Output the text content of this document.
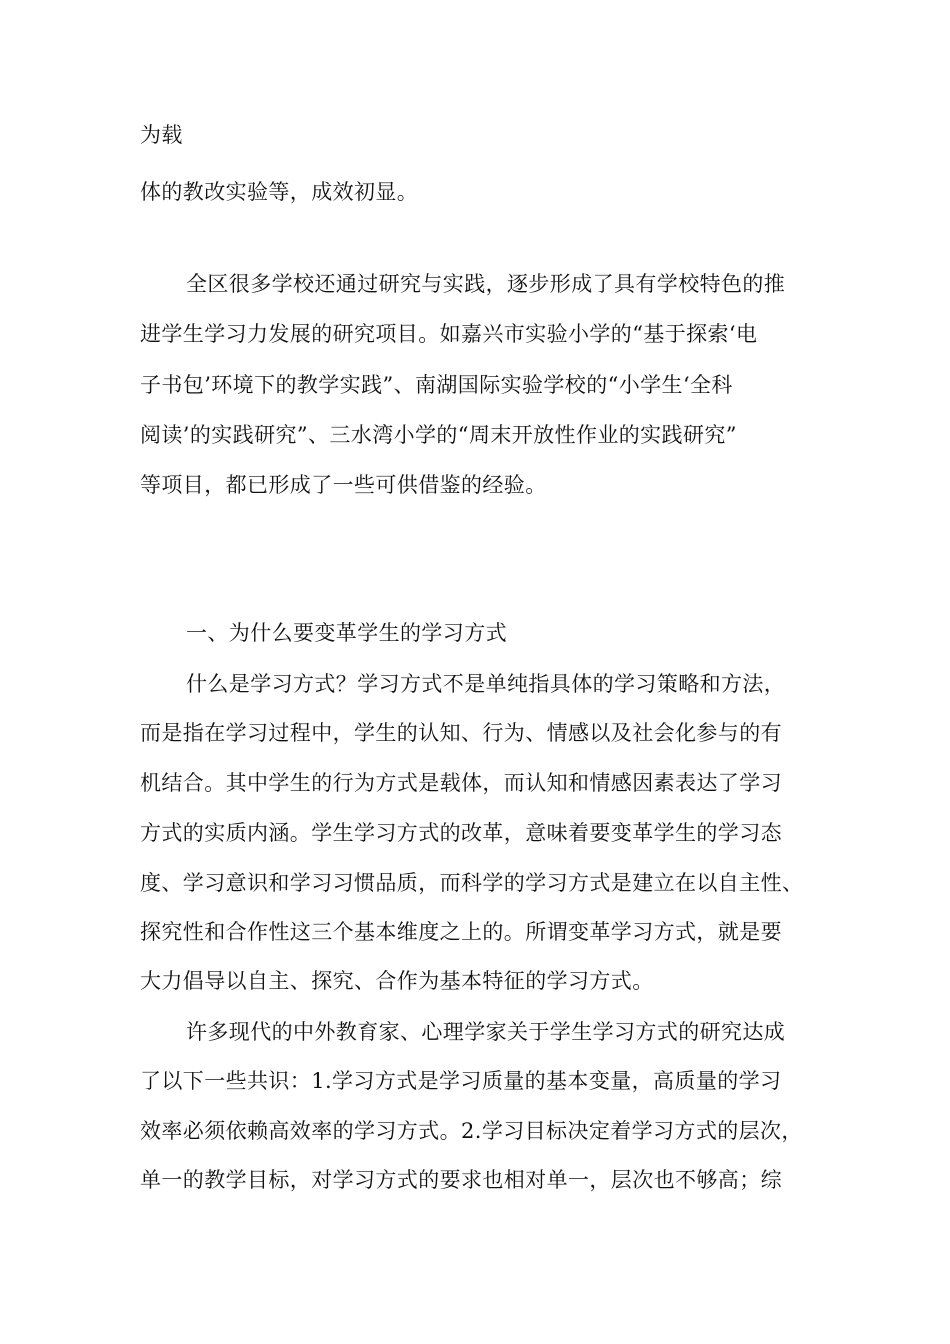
为载
体的教改实验等，成效初显。
全区很多学校还通过研究与实践，逐步形成了具有学校特色的推
进学生学习力发展的研究项目。如嘉兴市实验小学的“基于探索‘电
子书包’环境下的教学实践”、南湖国际实验学校的“小学生‘全科
阅读’的实践研究”、三水湾小学的“周末开放性作业的实践研究”
等项目，都已形成了一些可供借鉴的经验。
一、为什么要变革学生的学习方式
什么是学习方式？学习方式不是单纯指具体的学习策略和方法，
而是指在学习过程中，学生的认知、行为、情感以及社会化参与的有
机结合。其中学生的行为方式是载体，而认知和情感因素表达了学习
方式的实质内涵。学生学习方式的改革，意味着要变革学生的学习态
度、学习意识和学习习惯品质，而科学的学习方式是建立在以自主性、
探究性和合作性这三个基本维度之上的。所谓变革学习方式，就是要
大力倡导以自主、探究、合作为基本特征的学习方式。
许多现代的中外教育家、心理学家关于学生学习方式的研究达成
了以下一些共识：1.学习方式是学习质量的基本变量，高质量的学习
效率必须依赖高效率的学习方式。2.学习目标决定着学习方式的层次，
单一的教学目标，对学习方式的要求也相对单一，层次也不够高；综
